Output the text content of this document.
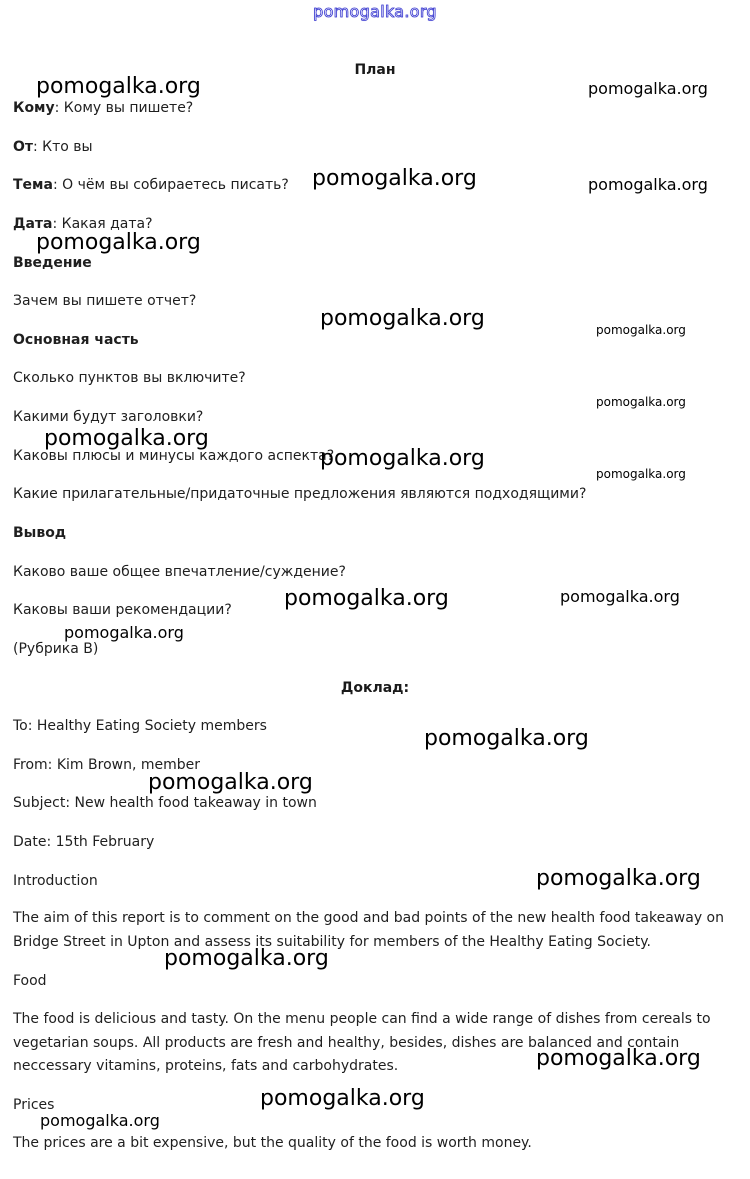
pomogalka.org
План
Кому: Кому вы пишете?
От: Кто вы
Тема: О чём вы собираетесь писать?
Дата: Какая дата?
Введение
Зачем вы пишете отчет?
Основная часть
Сколько пунктов вы включите?
Какими будут заголовки?
Каковы плюсы и минусы каждого аспекта?
Какие прилагательные/придаточные предложения являются подходящими?
Вывод
Каково ваше общее впечатление/суждение?
Каковы ваши рекомендации?
(Рубрика B)
Доклад:
To: Healthy Eating Society members
From: Kim Brown, member
Subject: New health food takeaway in town
Date: 15th February
Introduction
The aim of this report is to comment on the good and bad points of the new health food takeaway on Bridge Street in Upton and assess its suitability for members of the Healthy Eating Society.
Food
The food is delicious and tasty. On the menu people can find a wide range of dishes from cereals to vegetarian soups. All products are fresh and healthy, besides, dishes are balanced and contain neccessary vitamins, proteins, fats and carbohydrates.
Prices
The prices are a bit expensive, but the quality of the food is worth money.
pomogalka.org	pomogalka.org
pomogalka.org	pomogalka.org
pomogalka.org
pomogalka.org	pomogalka.org
pomogalka.org
pomogalka.org
pomogalka.org
pomogalka.org
pomogalka.org	pomogalka.org
pomogalka.org
pomogalka.org
pomogalka.org
pomogalka.org
pomogalka.org
pomogalka.org
pomogalka.org
pomogalka.org
